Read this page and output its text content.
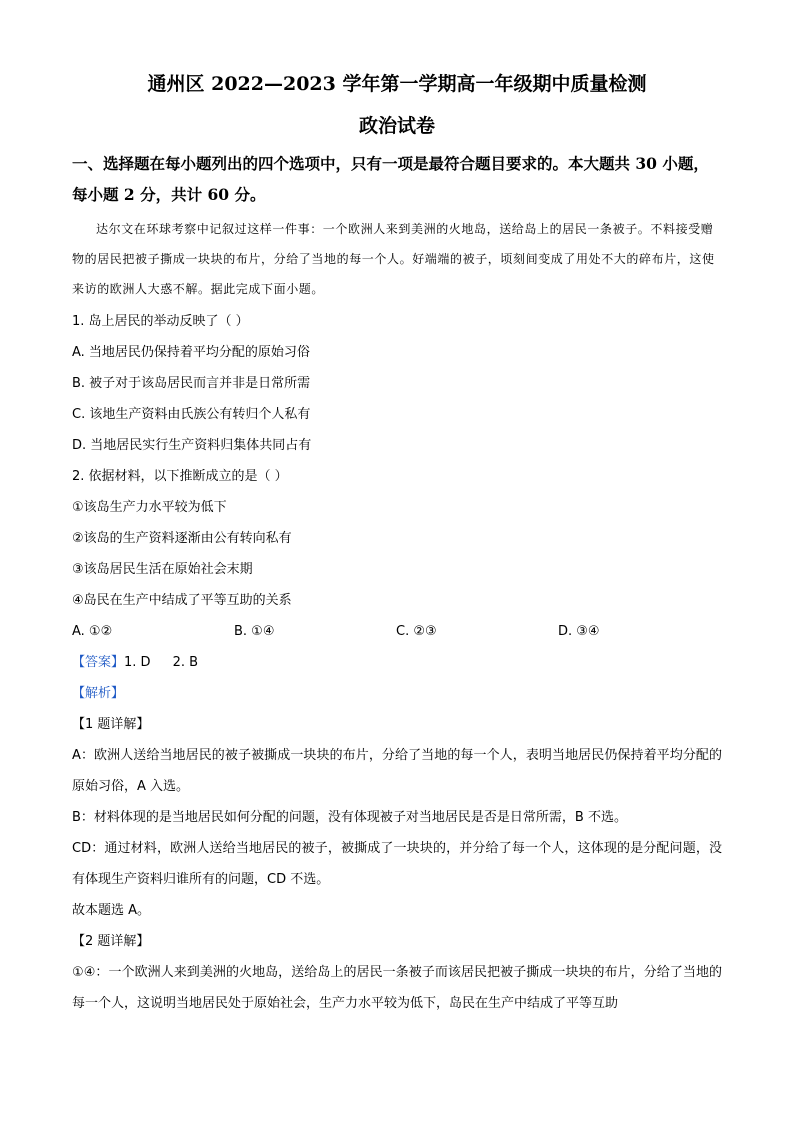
通州区 2022—2023 学年第一学期高一年级期中质量检测
政治试卷
一、选择题在每小题列出的四个选项中，只有一项是最符合题目要求的。本大题共 30 小题，每小题 2 分，共计 60 分。

达尔文在环球考察中记叙过这样一件事：一个欧洲人来到美洲的火地岛，送给岛上的居民一条被子。不料接受赠物的居民把被子撕成一块块的布片，分给了当地的每一个人。好端端的被子，顷刻间变成了用处不大的碎布片，这使来访的欧洲人大惑不解。据此完成下面小题。

1. 岛上居民的举动反映了（ ）

A. 当地居民仍保持着平均分配的原始习俗

B. 被子对于该岛居民而言并非是日常所需

C. 该地生产资料由氏族公有转归个人私有

D. 当地居民实行生产资料归集体共同占有

2. 依据材料，以下推断成立的是（ ）

①该岛生产力水平较为低下

②该岛的生产资料逐渐由公有转向私有

③该岛居民生活在原始社会末期

④岛民在生产中结成了平等互助的关系

A. ①②	B. ①④	C. ②③	D. ③④
【答案】1. D 2. B
【解析】
【1 题详解】

A：欧洲人送给当地居民的被子被撕成一块块的布片，分给了当地的每一个人，表明当地居民仍保持着平均分配的原始习俗，A 入选。

B：材料体现的是当地居民如何分配的问题，没有体现被子对当地居民是否是日常所需，B 不选。

CD：通过材料，欧洲人送给当地居民的被子，被撕成了一块块的，并分给了每一个人，这体现的是分配问题，没有体现生产资料归谁所有的问题，CD 不选。

故本题选 A。

【2 题详解】

①④：一个欧洲人来到美洲的火地岛，送给岛上的居民一条被子而该居民把被子撕成一块块的布片，分给了当地的每一个人，这说明当地居民处于原始社会，生产力水平较为低下，岛民在生产中结成了平等互助
